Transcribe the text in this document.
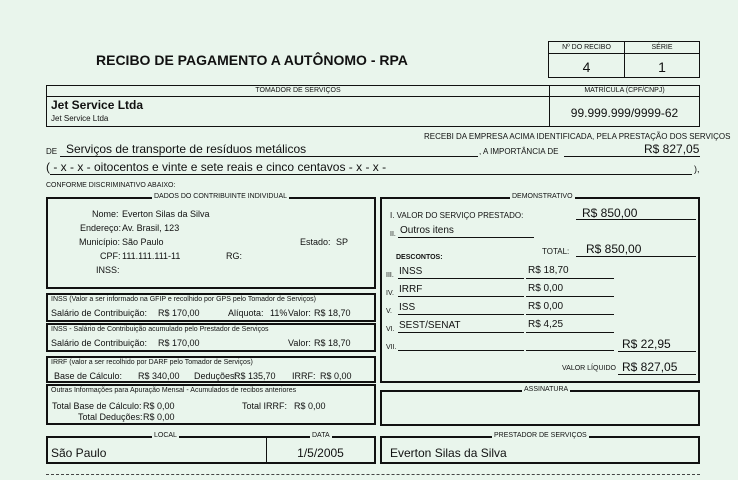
RECIBO DE PAGAMENTO A AUTÔNOMO - RPA
Nº DO RECIBO	SÉRIE
4	1
TOMADOR DE SERVIÇOS	MATRÍCULA (CPF/CNPJ)
Jet Service Ltda
Jet Service Ltda	99.999.999/9999-62
RECEBI DA EMPRESA ACIMA IDENTIFICADA, PELA PRESTAÇÃO DOS SERVIÇOS
DE Serviços de transporte de resíduos metálicos	, A IMPORTÂNCIA DE	R$ 827,05
( - x - x - oitocentos e vinte e sete reais e cinco centavos - x - x -	),
CONFORME DISCRIMINATIVO ABAIXO:
DADOS DO CONTRIBUINTE INDIVIDUAL
Nome: Everton Silas da Silva
Endereço: Av. Brasil, 123
Município: São Paulo	Estado: SP
CPF: 111.111.111-11	RG:
INSS:
INSS (Valor a ser informado na GFIP e recolhido por GPS pelo Tomador de Serviços)
Salário de Contribuição: R$ 170,00	Alíquota: 11% Valor: R$ 18,70
INSS - Salário de Contribuição acumulado pelo Prestador de Serviços
Salário de Contribuição: R$ 170,00	Valor: R$ 18,70
IRRF (valor a ser recolhido por DARF pelo Tomador de Serviços)
Base de Cálculo: R$ 340,00 Deduções:
R$ 135,70 IRRF: R$ 0,00
Outras Informações para Apuração Mensal - Acumulados de recibos anteriores
Total Base de Cálculo: R$ 0,00	Total IRRF: R$ 0,00
Total Deduções: R$ 0,00
DEMONSTRATIVO
I. VALOR DO SERVIÇO PRESTADO:	R$ 850,00
II. Outros itens
TOTAL: R$ 850,00
DESCONTOS:
III. INSS	R$ 18,70
IV. IRRF	R$ 0,00
V. ISS	R$ 0,00
VI. SEST/SENAT	R$ 4,25
VII.	R$ 22,95
VALOR LÍQUIDO R$ 827,05
ASSINATURA
LOCAL	DATA
São Paulo	1/5/2005
PRESTADOR DE SERVIÇOS
Everton Silas da Silva
